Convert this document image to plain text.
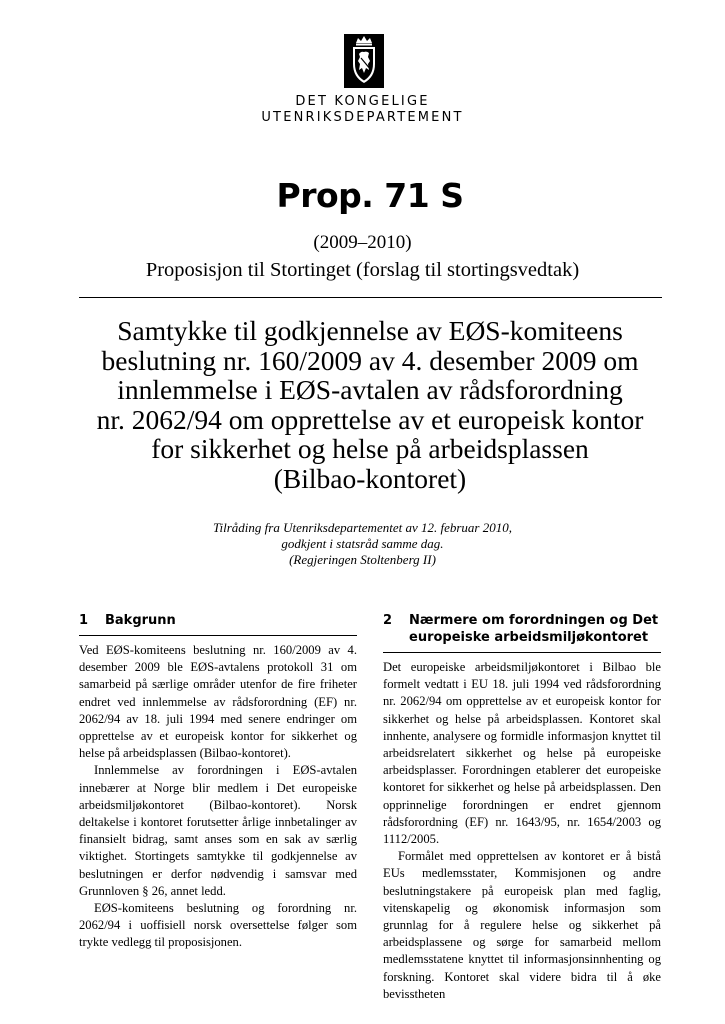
DET KONGELIGE
UTENRIKSDEPARTEMENT
Prop. 71 S
(2009–2010)
Proposisjon til Stortinget (forslag til stortingsvedtak)
Samtykke til godkjennelse av EØS-komiteens
beslutning nr. 160/2009 av 4. desember 2009 om
innlemmelse i EØS-avtalen av rådsforordning
nr. 2062/94 om opprettelse av et europeisk kontor
for sikkerhet og helse på arbeidsplassen
(Bilbao-kontoret)
Tilråding fra Utenriksdepartementet av 12. februar 2010,
godkjent i statsråd samme dag.
(Regjeringen Stoltenberg II)
1	Bakgrunn

Ved EØS-komiteens beslutning nr. 160/2009 av 4. desember 2009 ble EØS-avtalens protokoll 31 om samarbeid på særlige områder utenfor de fire friheter endret ved innlemmelse av rådsforordning (EF) nr. 2062/94 av 18. juli 1994 med senere endringer om opprettelse av et europeisk kontor for sikkerhet og helse på arbeidsplassen (Bilbao-kontoret).

Innlemmelse av forordningen i EØS-avtalen innebærer at Norge blir medlem i Det europeiske arbeidsmiljøkontoret (Bilbao-kontoret). Norsk deltakelse i kontoret forutsetter årlige innbetalinger av finansielt bidrag, samt anses som en sak av særlig viktighet. Stortingets samtykke til godkjennelse av beslutningen er derfor nødvendig i samsvar med Grunnloven § 26, annet ledd.

EØS-komiteens beslutning og forordning nr. 2062/94 i uoffisiell norsk oversettelse følger som trykte vedlegg til proposisjonen.

2	Nærmere om forordningen og Det europeiske arbeidsmiljøkontoret

Det europeiske arbeidsmiljøkontoret i Bilbao ble formelt vedtatt i EU 18. juli 1994 ved rådsforordning nr. 2062/94 om opprettelse av et europeisk kontor for sikkerhet og helse på arbeidsplassen. Kontoret skal innhente, analysere og formidle informasjon knyttet til arbeidsrelatert sikkerhet og helse på europeiske arbeidsplasser. Forordningen etablerer det europeiske kontoret for sikkerhet og helse på arbeidsplassen. Den opprinnelige forordningen er endret gjennom rådsforordning (EF) nr. 1643/95, nr. 1654/2003 og 1112/2005.

Formålet med opprettelsen av kontoret er å bistå EUs medlemsstater, Kommisjonen og andre beslutningstakere på europeisk plan med faglig, vitenskapelig og økonomisk informasjon som grunnlag for å regulere helse og sikkerhet på arbeidsplassene og sørge for samarbeid mellom medlemsstatene knyttet til informasjonsinnhenting og forskning. Kontoret skal videre bidra til å øke bevisstheten
